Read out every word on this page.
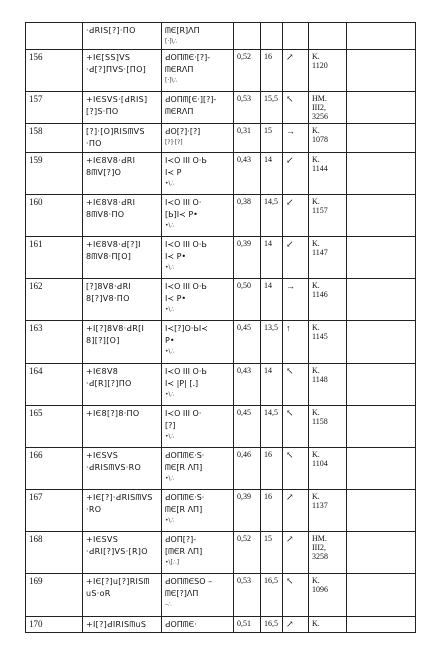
	·ԀRIS[?]·ПО	ᗰЄ[R]ΛП
[·]\∴					

156	+IЄ[SS]VS
·Ԁ[?]ПVS·[ПО]	ԀОПᗰЄ·[?]-
ᗰЄRΛП
[·]\∴	0,52	16	↗	K.
1120	

157	+IЄSVS·[ԀRIS]
[?]S·ПО	ԀОПᗰ[Є·][?]-
ᗰЄRΛП	0,53	15,5	↖	HM.
III2,
3256	

158	[?]·[О]RISᗰVS
·ПО	ԀО[?]·[?]
[?]·[?]	0,31	15	→	K.
1078	

159	+IЄ8V8·ԀRI
8ᗰV[?]О	I≺О III О·Ь
I≺ Р
•\∴	0,43	14	↙	K.
1144	

160	+IЄ8V8·ԀRI
8ᗰV8·ПО	I≺О III О·
[Ь]I≺ Р•
•\∴	0,38	14,5	↙	K.
1157	

161	+IЄ8V8·Ԁ[?]I
8ᗰV8·П[О]	I≺О III О·Ь
I≺ Р•
•\∴	0,39	14	↙	K.
1147	

162	[?]8V8·ԀRI
8[?]V8·ПО	I≺О III О·Ь
I≺ Р•
•\∴	0,50	14	→	K.
1146	

163	+I[?]8V8·ԀR[I
8][?][О]	I≺[?]О·ЬI≺
Р•
•\∴	0,45	13,5	↑	K.
1145	

164	+IЄ8V8
·Ԁ[R][?]ПО	I≺О III О·Ь
I≺ |Р| [.]
•\∴	0,43	14	↖	K.
1148	

165	+IЄ8[?]8·ПО	I≺О III О·
[?]
•\∴	0,45	14,5	↖	K.
1158	

166	+IЄSVS
·ԀRISᗰVS·RО	ԀОПᗰЄ·S·
ᗰЄ[R ΛП]
•\∴	0,46	16	↖	K.
1104	

167	+IЄ[?]·ԀRISᗰVS
·RО	ԀОПᗰЄ·S·
ᗰЄ[R ΛП]
•\∴	0,39	16	↗	K.
1137	

168	+IЄSVS
·ԀRI[?]VS·[R]О	ԀОП[?]-
[ᗰЄR ΛП]
•\[∴]	0,52	15	↗	HM.
III2,
3258	

169	+IЄ[?]u[?]RISᗰ
uS·оR	ԀОПᗰЄSО –
ᗰЄ[?]ΛП
–∴	0,53	16,5	↖	K.
1096	

170	+I[?]ԀIRISᗰuS	ԀОПᗰЄ·	0,51	16,5	↗	K.	
